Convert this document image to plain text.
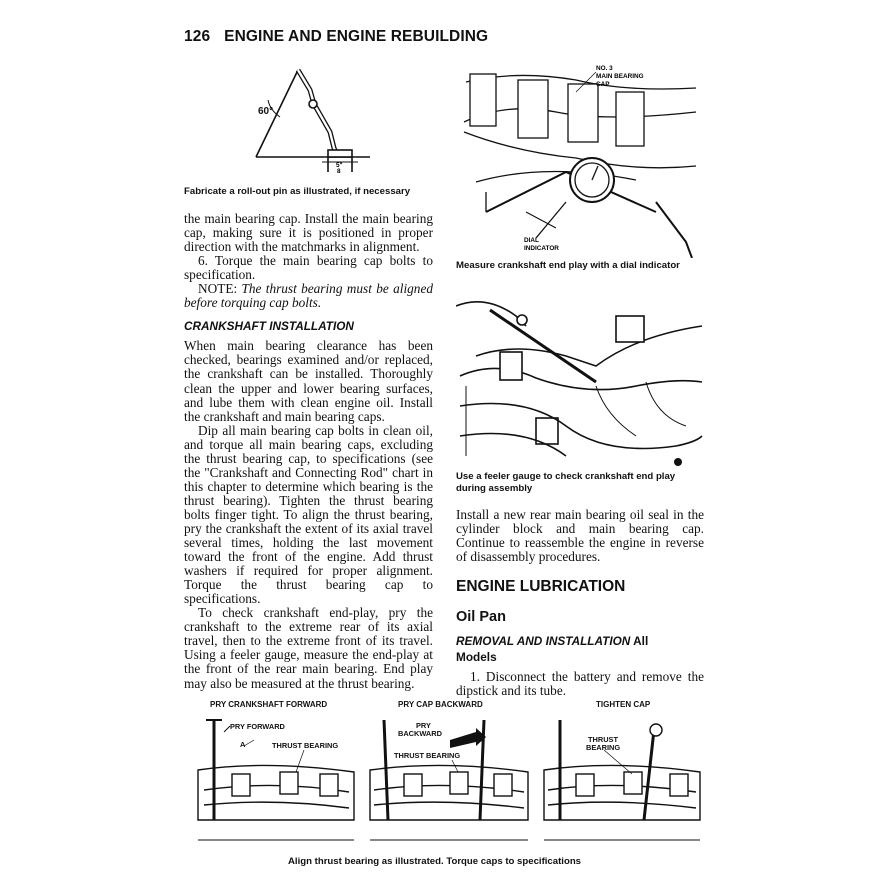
126 ENGINE AND ENGINE REBUILDING
60°
5"
8
Fabricate a roll-out pin as illustrated, if necessary

the main bearing cap. Install the main bearing cap, making sure it is positioned in proper direction with the matchmarks in alignment.

6. Torque the main bearing cap bolts to specification.

NOTE: The thrust bearing must be aligned before torquing cap bolts.

CRANKSHAFT INSTALLATION

When main bearing clearance has been checked, bearings examined and/or replaced, the crankshaft can be installed. Thoroughly clean the upper and lower bearing surfaces, and lube them with clean engine oil. Install the crankshaft and main bearing caps.

Dip all main bearing cap bolts in clean oil, and torque all main bearing caps, excluding the thrust bearing cap, to specifications (see the "Crankshaft and Connecting Rod" chart in this chapter to determine which bearing is the thrust bearing). Tighten the thrust bearing bolts finger tight. To align the thrust bearing, pry the crankshaft the extent of its axial travel several times, holding the last movement toward the front of the engine. Add thrust washers if required for proper alignment. Torque the thrust bearing cap to specifications.

To check crankshaft end-play, pry the crankshaft to the extreme rear of its axial travel, then to the extreme front of its travel. Using a feeler gauge, measure the end-play at the front of the rear main bearing. End play may also be measured at the thrust bearing.

NO. 3
MAIN BEARING
CAP
DIAL
INDICATOR
Measure crankshaft end play with a dial indicator
Use a feeler gauge to check crankshaft end play
during assembly

Install a new rear main bearing oil seal in the cylinder block and main bearing cap. Continue to reassemble the engine in reverse of disassembly procedures.

ENGINE LUBRICATION
Oil Pan
REMOVAL AND INSTALLATION All
Models

1. Disconnect the battery and remove the dipstick and its tube.

PRY CRANKSHAFT FORWARD	PRY CAP BACKWARD	TIGHTEN CAP
PRY FORWARD
A	THRUST BEARING
PRY
BACKWARD
THRUST BEARING
THRUST
BEARING
Align thrust bearing as illustrated. Torque caps to specifications
